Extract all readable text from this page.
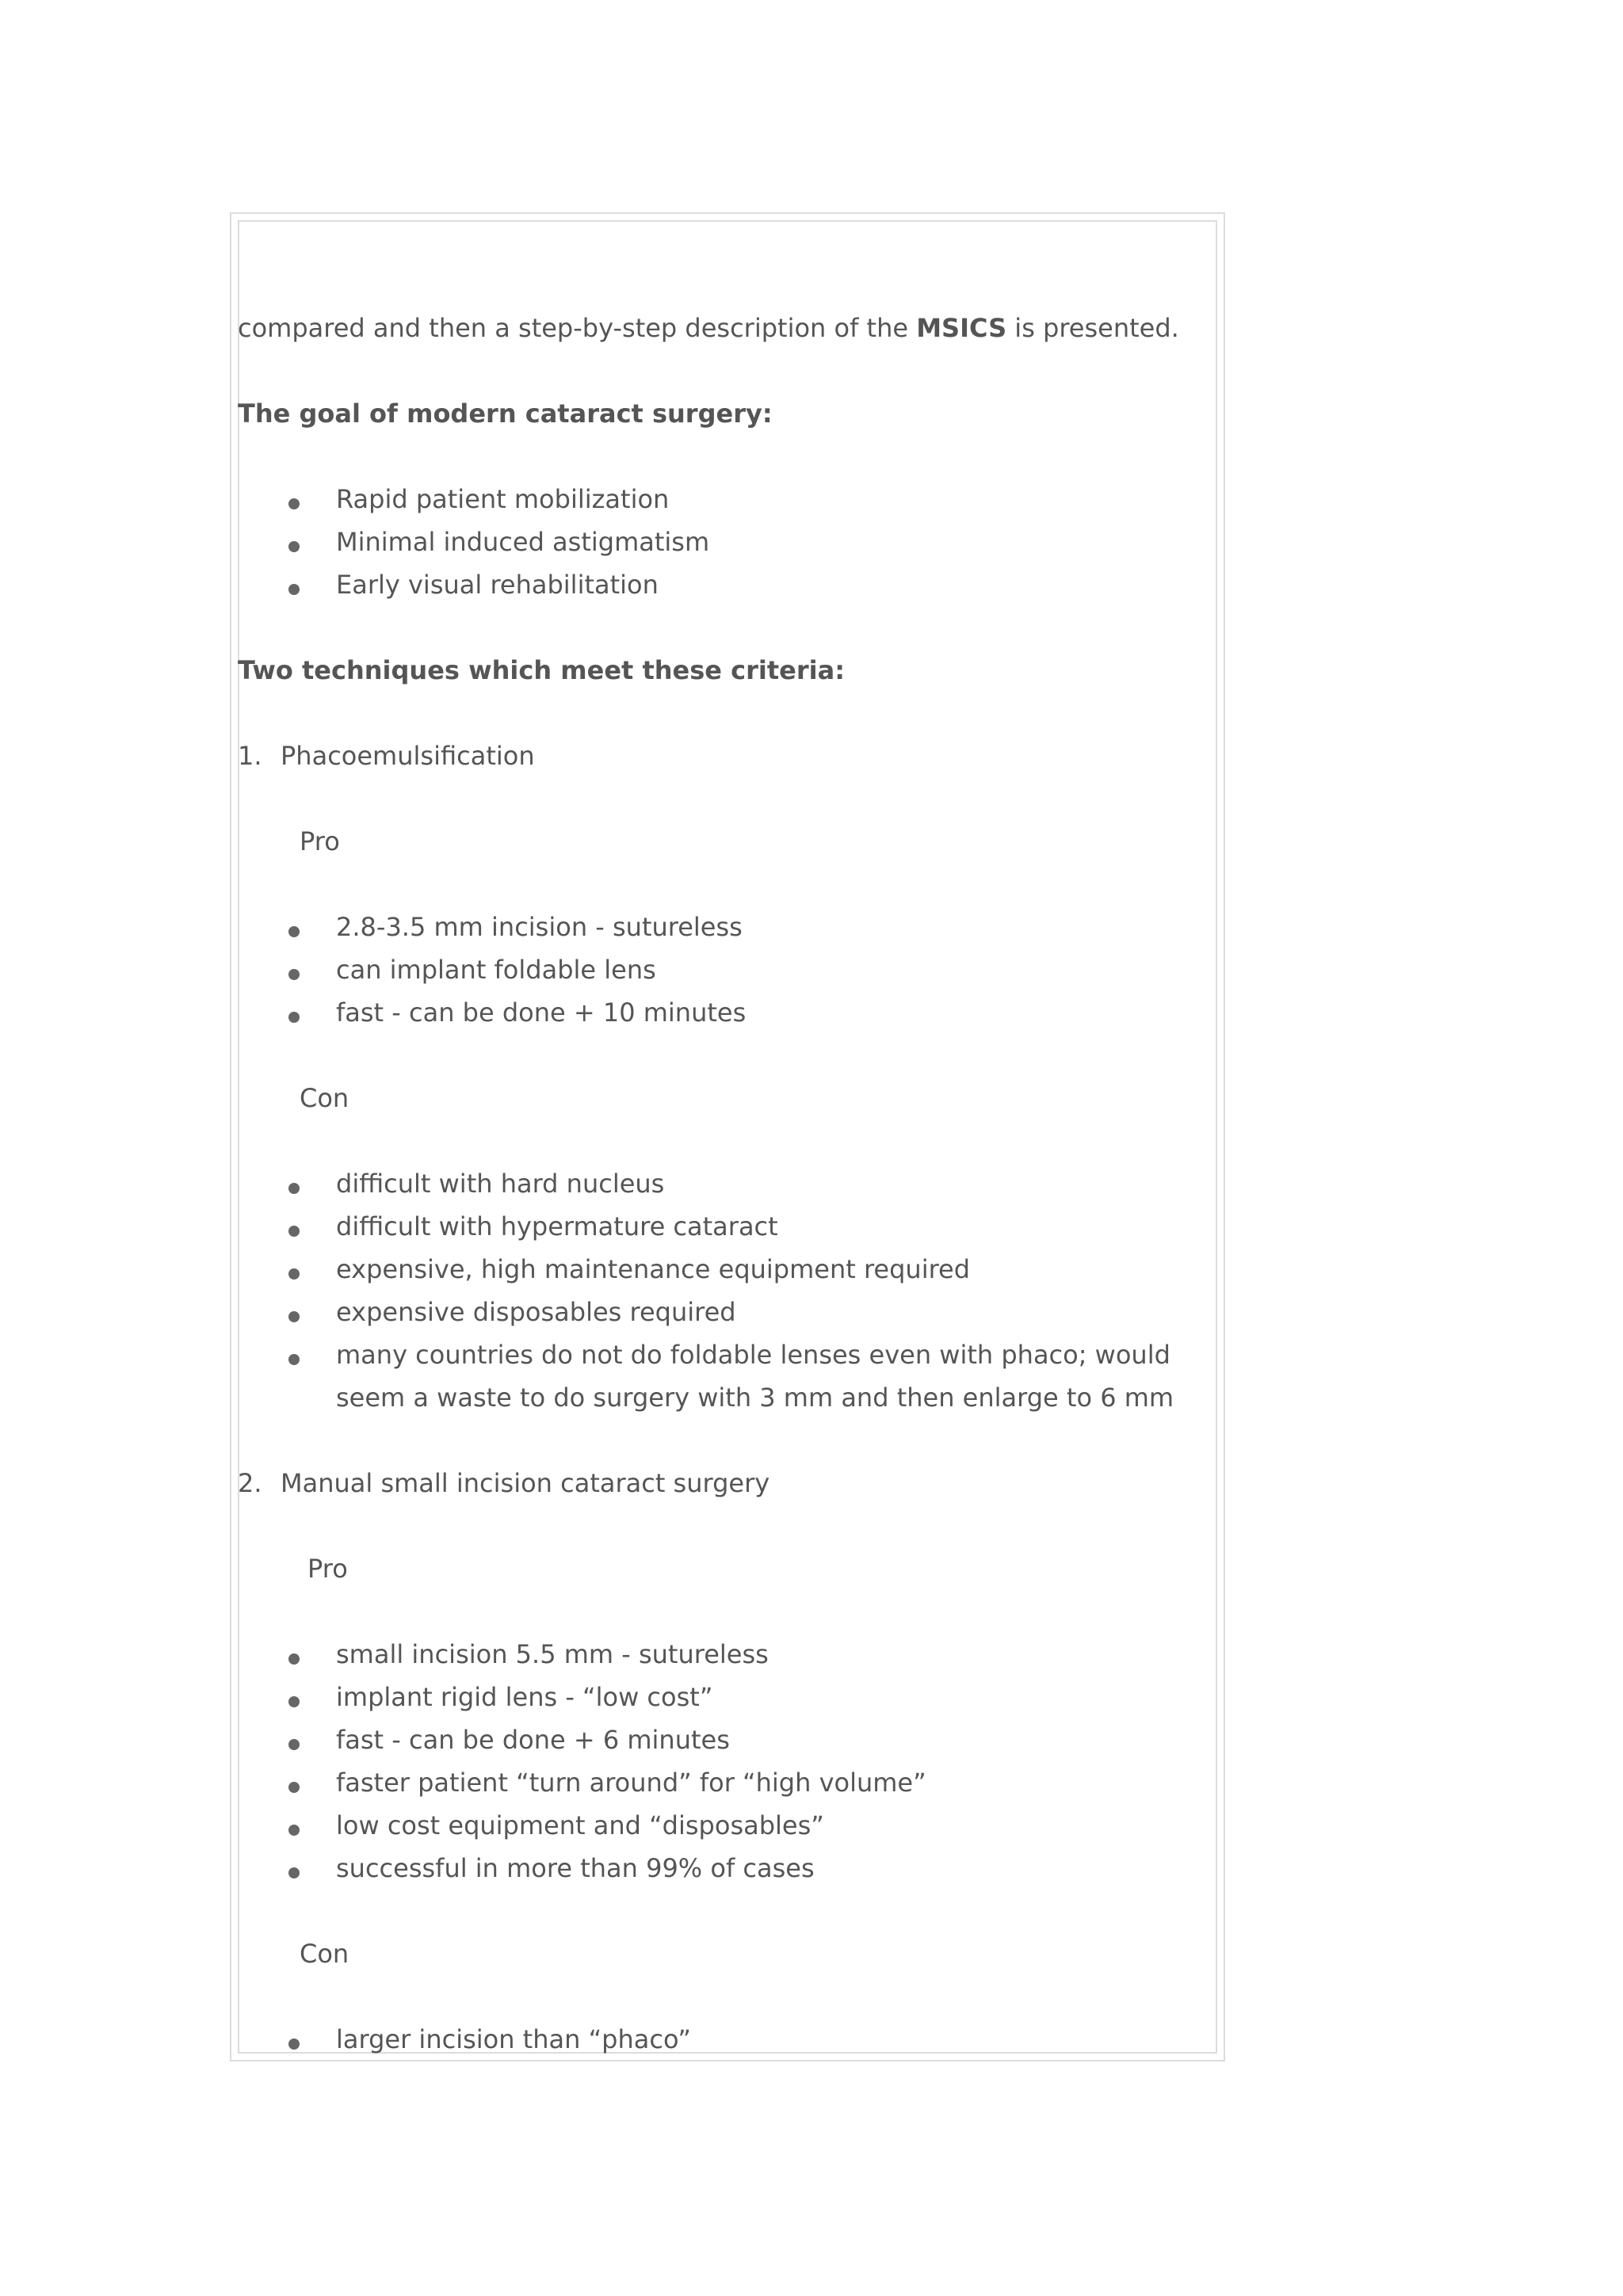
compared and then a step-by-step description of the MSICS is presented.

The goal of modern cataract surgery:

Rapid patient mobilization

Minimal induced astigmatism

Early visual rehabilitation

Two techniques which meet these criteria:

1. Phacoemulsification

Pro

2.8-3.5 mm incision - sutureless

can implant foldable lens

fast - can be done + 10 minutes

Con

difficult with hard nucleus

difficult with hypermature cataract

expensive, high maintenance equipment required

expensive disposables required

many countries do not do foldable lenses even with phaco; would

seem a waste to do surgery with 3 mm and then enlarge to 6 mm

2. Manual small incision cataract surgery

Pro

small incision 5.5 mm - sutureless

implant rigid lens - “low cost”

fast - can be done + 6 minutes

faster patient “turn around” for “high volume”

low cost equipment and “disposables”

successful in more than 99% of cases

Con

larger incision than “phaco”
